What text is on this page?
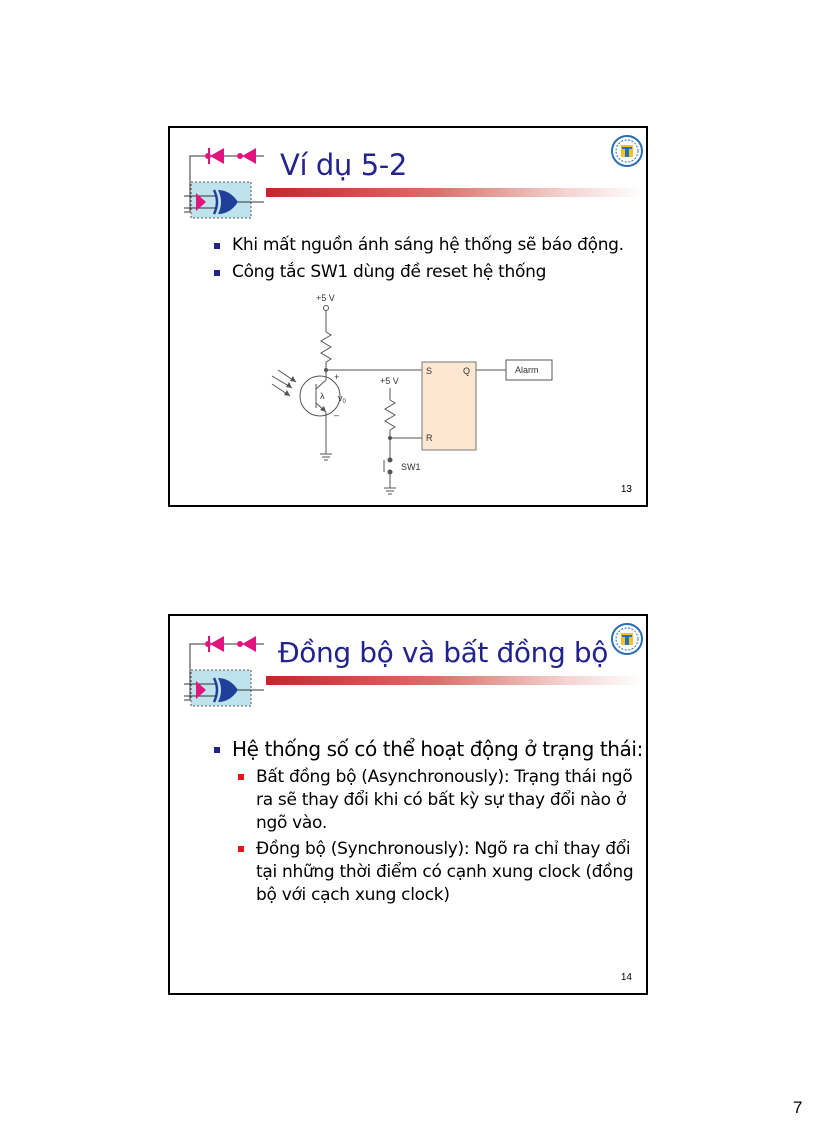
Ví dụ 5-2
Khi mất nguồn ánh sáng hệ thống sẽ báo động.
Công tắc SW1 dùng đề reset hệ thống
+5 V
+5 V
+
–
λ $v_0$
S	Q
R
Alarm
SW1
13
Đồng bộ và bất đồng bộ
Hệ thống số có thể hoạt động ở trạng thái:
Bất đồng bộ (Asynchronously): Trạng thái ngõ ra sẽ thay đổi khi có bất kỳ sự thay đổi nào ở ngõ vào.
Đồng bộ (Synchronously): Ngõ ra chỉ thay đổi tại những thời điểm có cạnh xung clock (đồng bộ với cạch xung clock)
14
7
